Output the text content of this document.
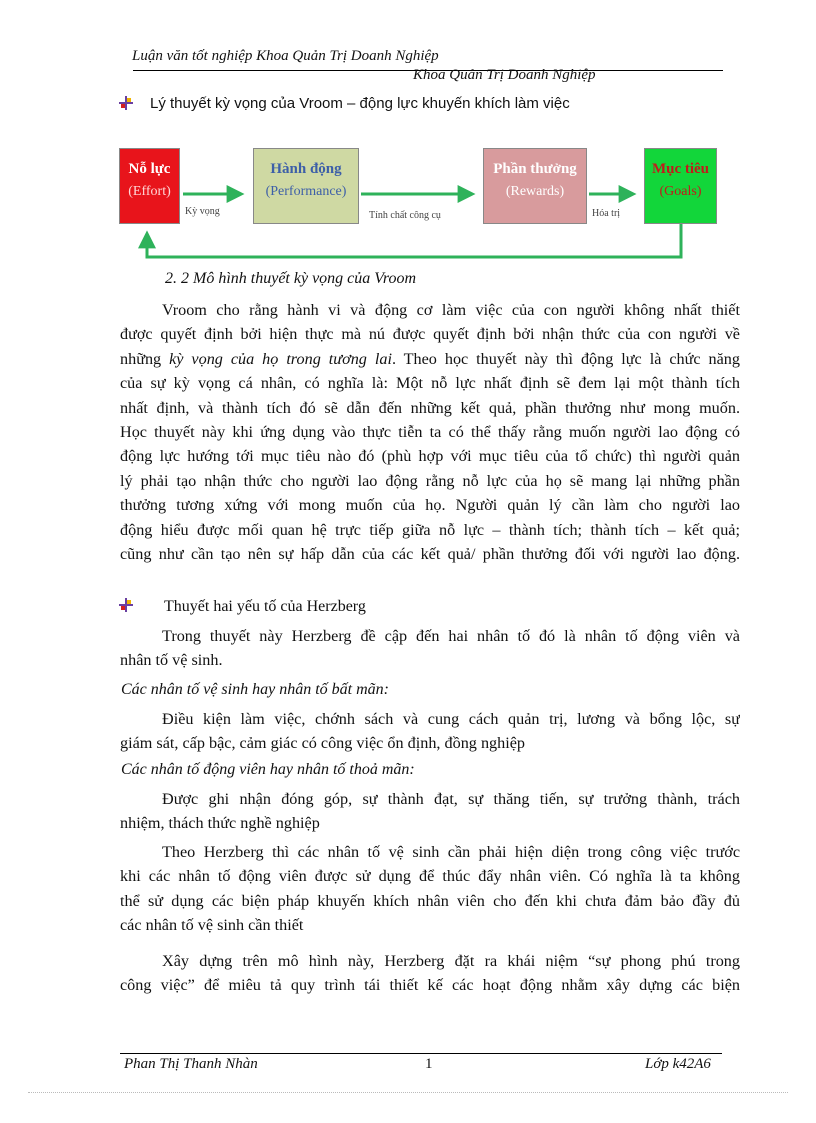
Luận văn tốt nghiệp Khoa Quản Trị Doanh Nghiệp
Khoa Quản Trị Doanh Nghiệp
Lý thuyết kỳ vọng của Vroom – động lực khuyến khích làm việc
Nỗ lực
(Effort)
Hành động
(Performance)
Phần thưởng
(Rewards)
Mục tiêu
(Goals)
Kỳ vọng	Tính chất công cụ	Hóa trị
2. 2 Mô hình thuyết kỳ vọng của Vroom
Vroom cho rằng hành vi và động cơ làm việc của con người không nhất thiết
được quyết định bởi hiện thực mà nú được quyết định bởi nhận thức của con người về
những kỳ vọng của họ trong tương lai. Theo học thuyết này thì động lực là chức năng
của sự kỳ vọng cá nhân, có nghĩa là: Một nỗ lực nhất định sẽ đem lại một thành tích
nhất định, và thành tích đó sẽ dẫn đến những kết quả, phần thưởng như mong muốn.
Học thuyết này khi ứng dụng vào thực tiễn ta có thể thấy rằng muốn người lao động có
động lực hướng tới mục tiêu nào đó (phù hợp với mục tiêu của tổ chức) thì người quản
lý phải tạo nhận thức cho người lao động rằng nỗ lực của họ sẽ mang lại những phần
thưởng tương xứng với mong muốn của họ. Người quản lý cần làm cho người lao
động hiểu được mối quan hệ trực tiếp giữa nỗ lực – thành tích; thành tích – kết quả;
cũng như cần tạo nên sự hấp dẫn của các kết quả/ phần thưởng đối với người lao động.
Thuyết hai yếu tố của Herzberg
Trong thuyết này Herzberg đề cập đến hai nhân tố đó là nhân tố động viên và
nhân tố vệ sinh.
Các nhân tố vệ sinh hay nhân tố bất mãn:
Điều kiện làm việc, chớnh sách và cung cách quản trị, lương và bổng lộc, sự
giám sát, cấp bậc, cảm giác có công việc ổn định, đồng nghiệp
Các nhân tố động viên hay nhân tố thoả mãn:
Được ghi nhận đóng góp, sự thành đạt, sự thăng tiến, sự trưởng thành, trách
nhiệm, thách thức nghề nghiệp
Theo Herzberg thì các nhân tố vệ sinh cần phải hiện diện trong công việc trước
khi các nhân tố động viên được sử dụng để thúc đẩy nhân viên. Có nghĩa là ta không
thể sử dụng các biện pháp khuyến khích nhân viên cho đến khi chưa đảm bảo đầy đủ
các nhân tố vệ sinh cần thiết
Xây dựng trên mô hình này, Herzberg đặt ra khái niệm “sự phong phú trong
công việc” để miêu tả quy trình tái thiết kế các hoạt động nhằm xây dựng các biện
Phan Thị Thanh Nhàn	1	Lớp k42A6
